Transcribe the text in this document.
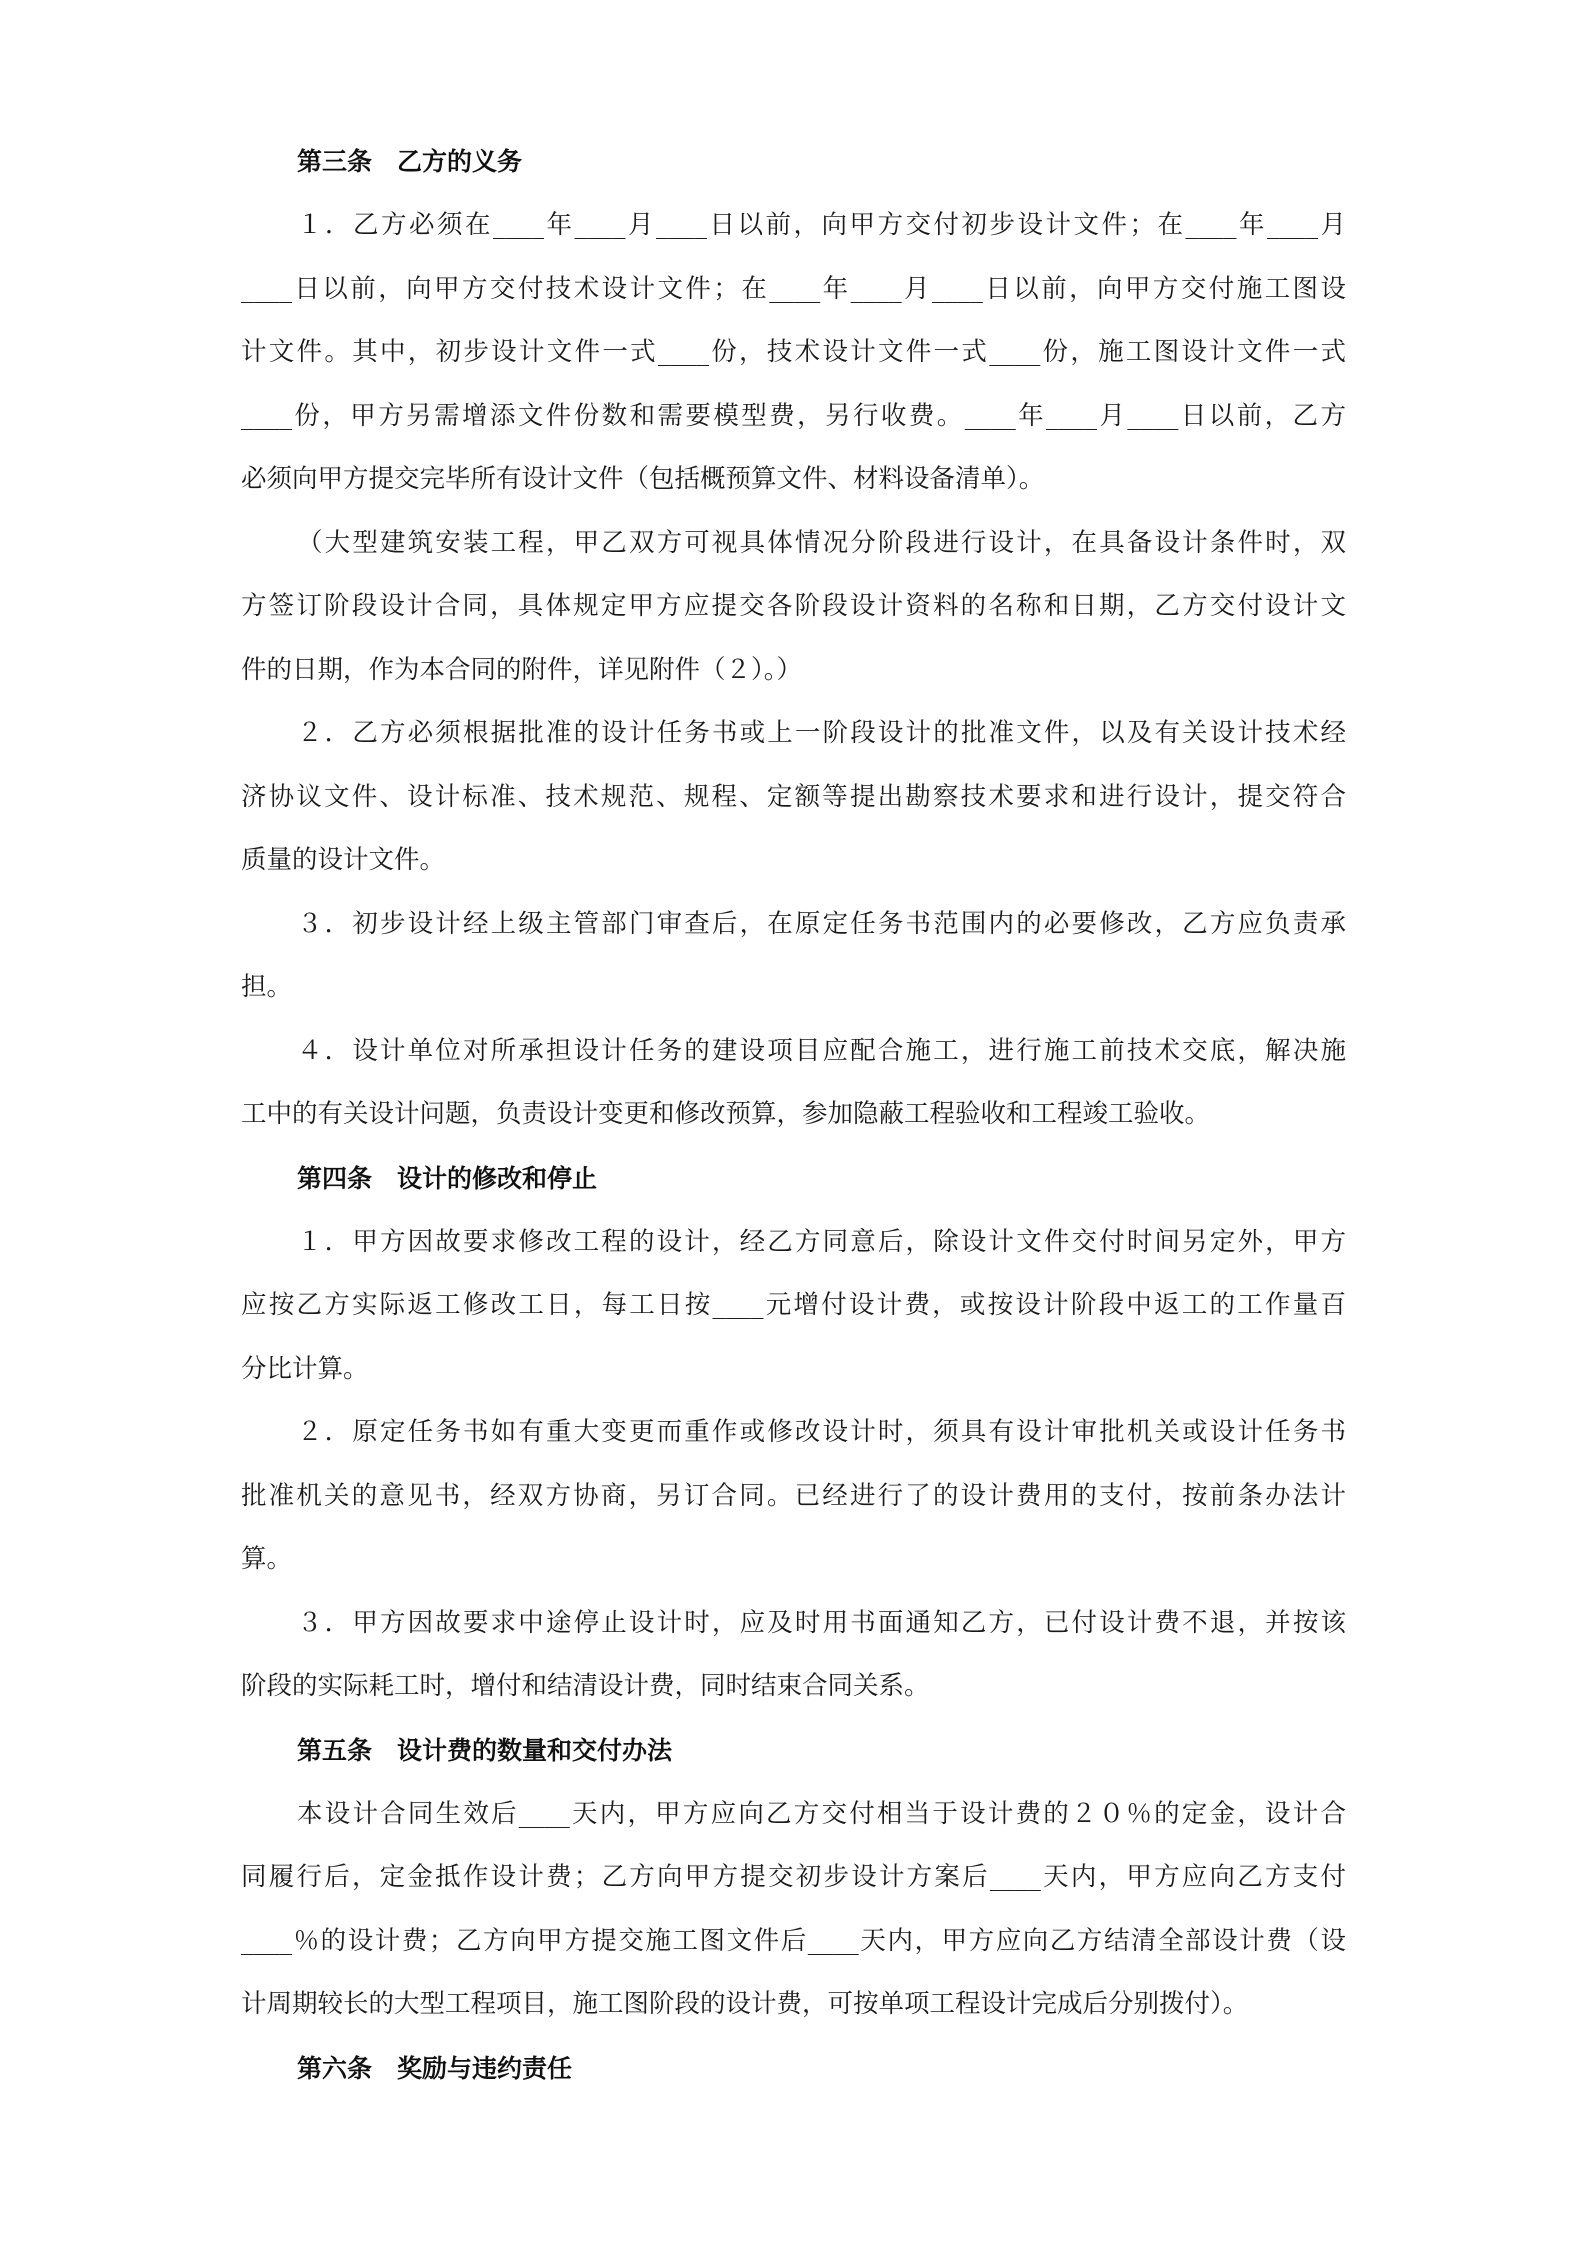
第三条　乙方的义务
１．乙方必须在____年____月____日以前，向甲方交付初步设计文件；在____年____月
____日以前，向甲方交付技术设计文件；在____年____月____日以前，向甲方交付施工图设
计文件。其中，初步设计文件一式____份，技术设计文件一式____份，施工图设计文件一式
____份，甲方另需增添文件份数和需要模型费，另行收费。____年____月____日以前，乙方
必须向甲方提交完毕所有设计文件（包括概预算文件、材料设备清单）。
（大型建筑安装工程，甲乙双方可视具体情况分阶段进行设计，在具备设计条件时，双
方签订阶段设计合同，具体规定甲方应提交各阶段设计资料的名称和日期，乙方交付设计文
件的日期，作为本合同的附件，详见附件（２）。）
２．乙方必须根据批准的设计任务书或上一阶段设计的批准文件，以及有关设计技术经
济协议文件、设计标准、技术规范、规程、定额等提出勘察技术要求和进行设计，提交符合
质量的设计文件。
３．初步设计经上级主管部门审查后，在原定任务书范围内的必要修改，乙方应负责承
担。
４．设计单位对所承担设计任务的建设项目应配合施工，进行施工前技术交底，解决施
工中的有关设计问题，负责设计变更和修改预算，参加隐蔽工程验收和工程竣工验收。
第四条　设计的修改和停止
１．甲方因故要求修改工程的设计，经乙方同意后，除设计文件交付时间另定外，甲方
应按乙方实际返工修改工日，每工日按____元增付设计费，或按设计阶段中返工的工作量百
分比计算。
２．原定任务书如有重大变更而重作或修改设计时，须具有设计审批机关或设计任务书
批准机关的意见书，经双方协商，另订合同。已经进行了的设计费用的支付，按前条办法计
算。
３．甲方因故要求中途停止设计时，应及时用书面通知乙方，已付设计费不退，并按该
阶段的实际耗工时，增付和结清设计费，同时结束合同关系。
第五条　设计费的数量和交付办法
本设计合同生效后____天内，甲方应向乙方交付相当于设计费的２０％的定金，设计合
同履行后，定金抵作设计费；乙方向甲方提交初步设计方案后____天内，甲方应向乙方支付
____％的设计费；乙方向甲方提交施工图文件后____天内，甲方应向乙方结清全部设计费（设
计周期较长的大型工程项目，施工图阶段的设计费，可按单项工程设计完成后分别拨付）。
第六条　奖励与违约责任
